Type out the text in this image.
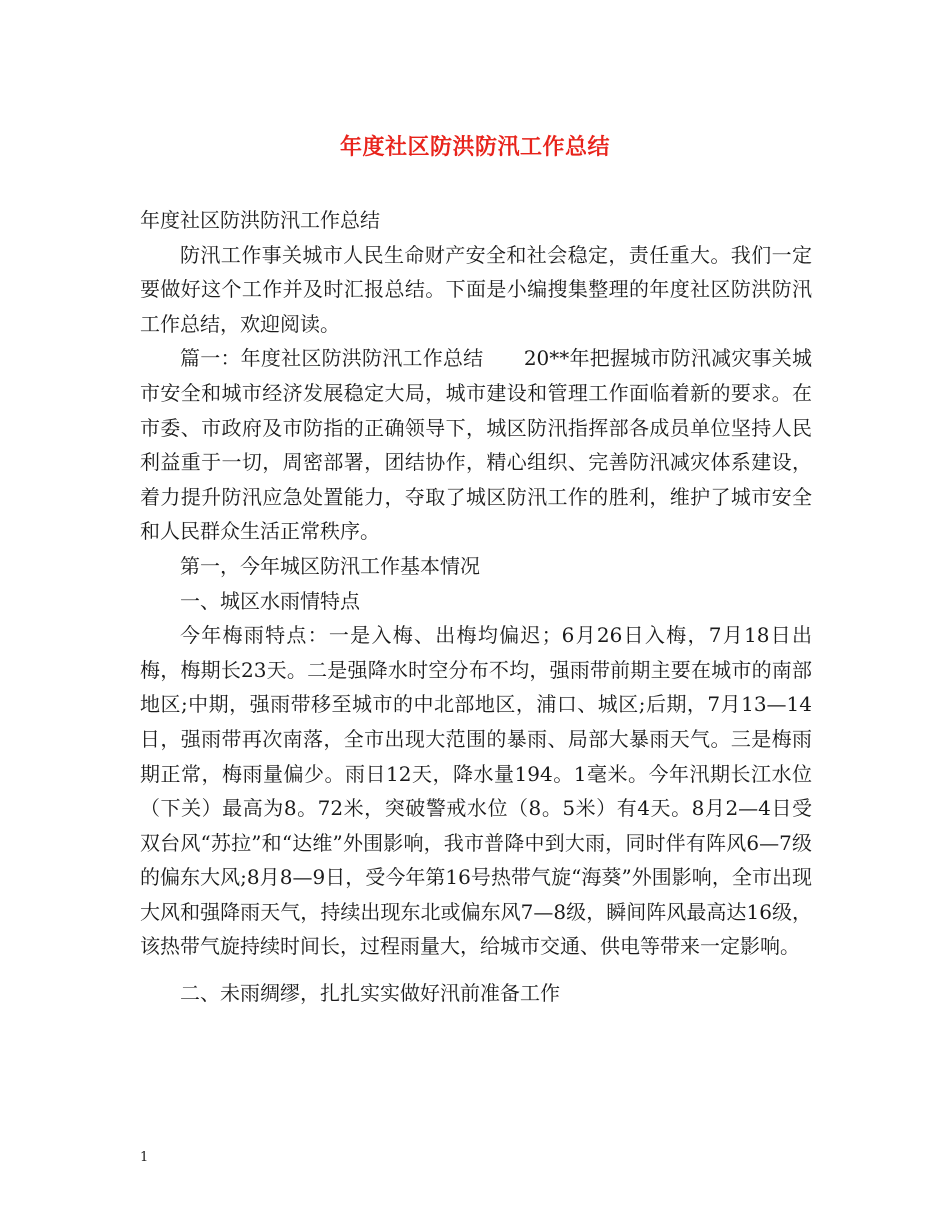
年度社区防洪防汛工作总结

年度社区防洪防汛工作总结

防汛工作事关城市人民生命财产安全和社会稳定，责任重大。我们一定要做好这个工作并及时汇报总结。下面是小编搜集整理的年度社区防洪防汛工作总结，欢迎阅读。

篇一：年度社区防洪防汛工作总结　　20**年把握城市防汛减灾事关城市安全和城市经济发展稳定大局，城市建设和管理工作面临着新的要求。在市委、市政府及市防指的正确领导下，城区防汛指挥部各成员单位坚持人民利益重于一切，周密部署，团结协作，精心组织、完善防汛减灾体系建设，着力提升防汛应急处置能力，夺取了城区防汛工作的胜利，维护了城市安全和人民群众生活正常秩序。

第一，今年城区防汛工作基本情况

一、城区水雨情特点

今年梅雨特点：一是入梅、出梅均偏迟；6月26日入梅，7月18日出梅，梅期长23天。二是强降水时空分布不均，强雨带前期主要在城市的南部地区;中期，强雨带移至城市的中北部地区，浦口、城区;后期，7月13—14日，强雨带再次南落，全市出现大范围的暴雨、局部大暴雨天气。三是梅雨期正常，梅雨量偏少。雨日12天，降水量194。1毫米。今年汛期长江水位（下关）最高为8。72米，突破警戒水位（8。5米）有4天。8月2—4日受双台风“苏拉”和“达维”外围影响，我市普降中到大雨，同时伴有阵风6—7级的偏东大风;8月8—9日，受今年第16号热带气旋“海葵”外围影响，全市出现大风和强降雨天气，持续出现东北或偏东风7—8级，瞬间阵风最高达16级，该热带气旋持续时间长，过程雨量大，给城市交通、供电等带来一定影响。

二、未雨绸缪，扎扎实实做好汛前准备工作

1
